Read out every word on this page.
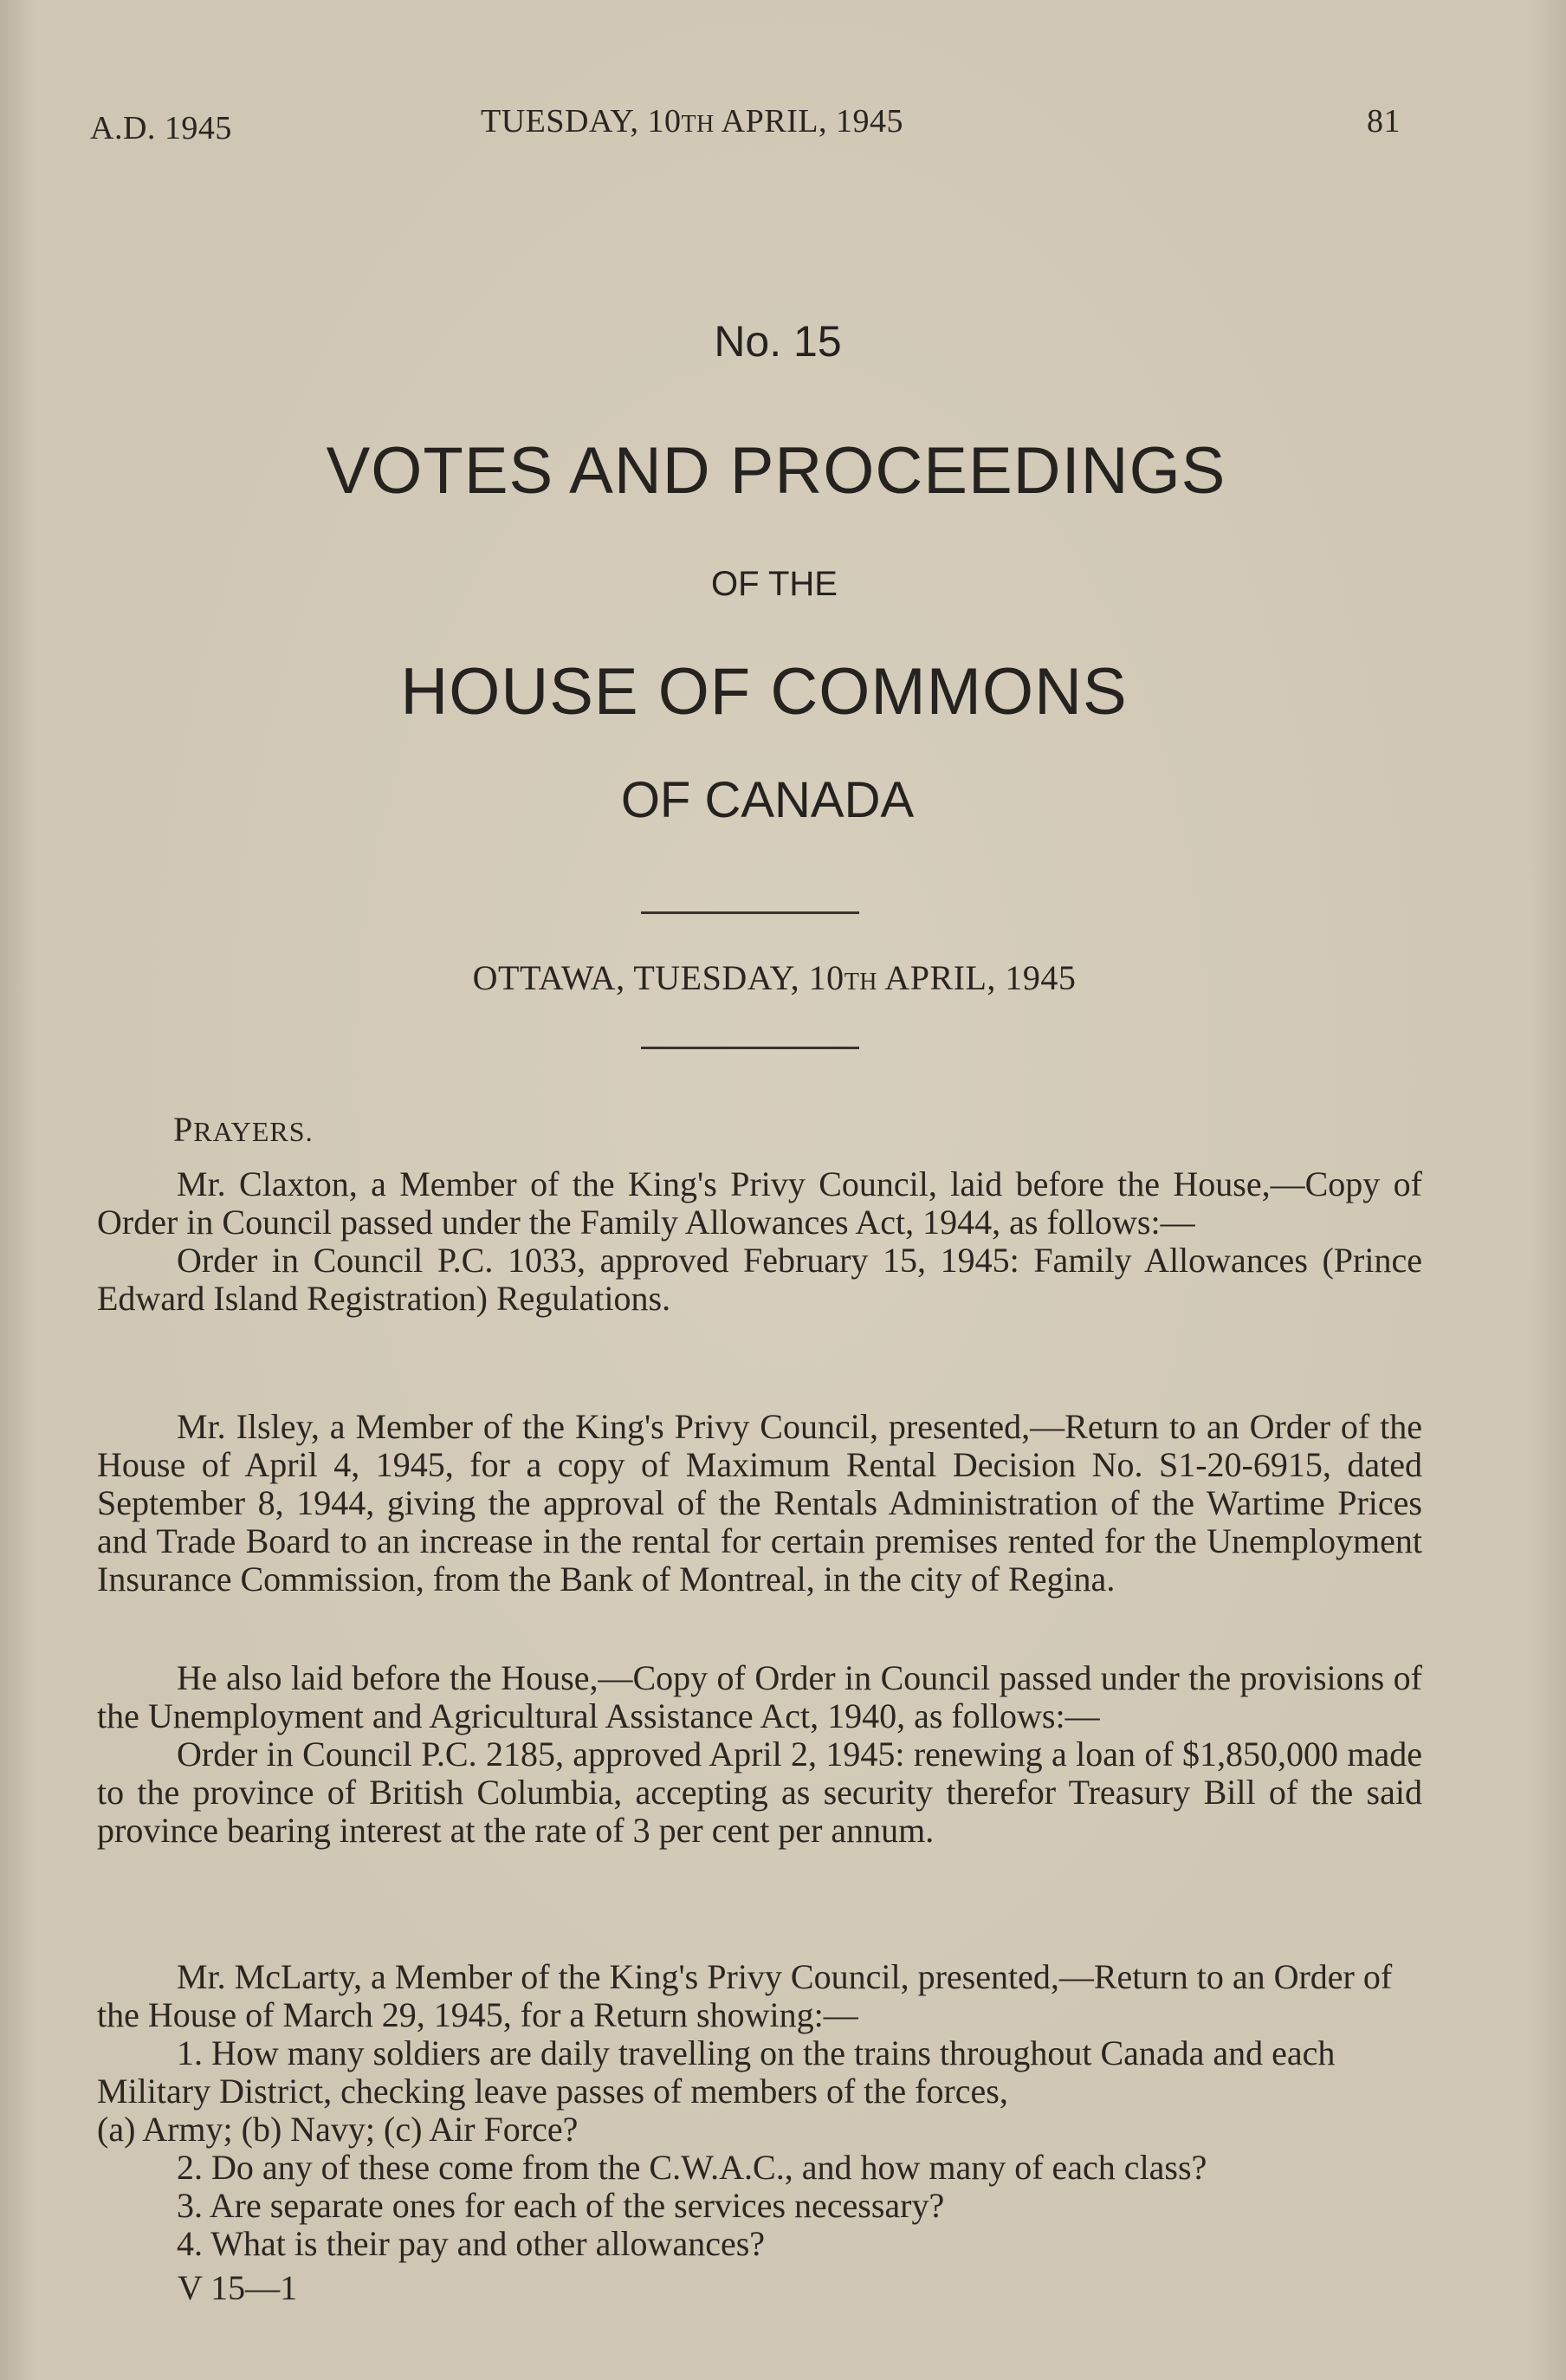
A.D. 1945	TUESDAY, 10TH APRIL, 1945	81
No. 15
VOTES AND PROCEEDINGS
OF THE
HOUSE OF COMMONS
OF CANADA
OTTAWA, TUESDAY, 10TH APRIL, 1945
PRAYERS.

Mr. Claxton, a Member of the King's Privy Council, laid before the House,—Copy of Order in Council passed under the Family Allowances Act, 1944, as follows:—

Order in Council P.C. 1033, approved February 15, 1945: Family Allowances (Prince Edward Island Registration) Regulations.

Mr. Ilsley, a Member of the King's Privy Council, presented,—Return to an Order of the House of April 4, 1945, for a copy of Maximum Rental Decision No. S1-20-6915, dated September 8, 1944, giving the approval of the Rentals Administration of the Wartime Prices and Trade Board to an increase in the rental for certain premises rented for the Unemployment Insurance Commission, from the Bank of Montreal, in the city of Regina.

He also laid before the House,—Copy of Order in Council passed under the provisions of the Unemployment and Agricultural Assistance Act, 1940, as follows:—

Order in Council P.C. 2185, approved April 2, 1945: renewing a loan of $1,850,000 made to the province of British Columbia, accepting as security therefor Treasury Bill of the said province bearing interest at the rate of 3 per cent per annum.

Mr. McLarty, a Member of the King's Privy Council, presented,—Return to an Order of the House of March 29, 1945, for a Return showing:—

1. How many soldiers are daily travelling on the trains throughout Canada and each Military District, checking leave passes of members of the forces,

(a) Army; (b) Navy; (c) Air Force?

2. Do any of these come from the C.W.A.C., and how many of each class?

3. Are separate ones for each of the services necessary?

4. What is their pay and other allowances?

V 15—1
